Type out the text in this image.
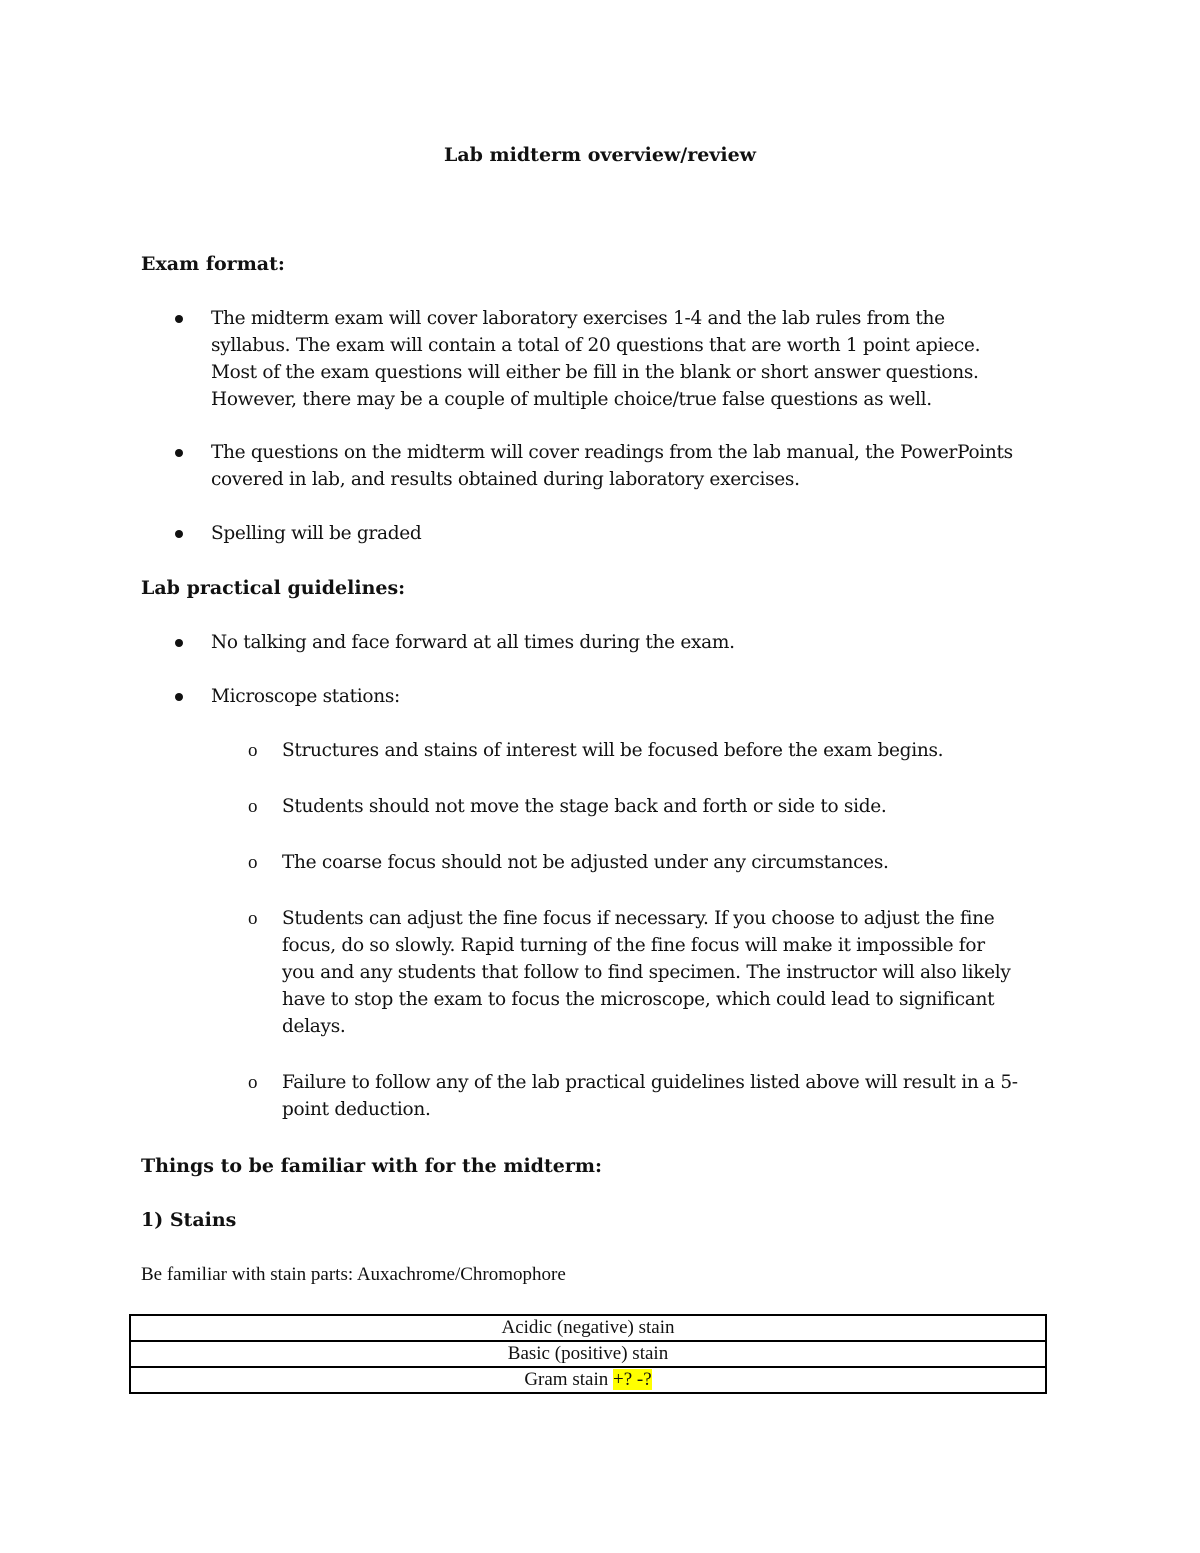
Lab midterm overview/review
Exam format:
The midterm exam will cover laboratory exercises 1-4 and the lab rules from the
syllabus. The exam will contain a total of 20 questions that are worth 1 point apiece.
Most of the exam questions will either be fill in the blank or short answer questions.
However, there may be a couple of multiple choice/true false questions as well.
The questions on the midterm will cover readings from the lab manual, the PowerPoints
covered in lab, and results obtained during laboratory exercises.
Spelling will be graded
Lab practical guidelines:
No talking and face forward at all times during the exam.
Microscope stations:
o Structures and stains of interest will be focused before the exam begins.
o Students should not move the stage back and forth or side to side.
o The coarse focus should not be adjusted under any circumstances.
o Students can adjust the fine focus if necessary. If you choose to adjust the fine
focus, do so slowly. Rapid turning of the fine focus will make it impossible for
you and any students that follow to find specimen. The instructor will also likely
have to stop the exam to focus the microscope, which could lead to significant
delays.
o Failure to follow any of the lab practical guidelines listed above will result in a 5-
point deduction.
Things to be familiar with for the midterm:
1) Stains
Be familiar with stain parts: Auxachrome/Chromophore
Acidic (negative) stain
Basic (positive) stain
Gram stain +? -?
